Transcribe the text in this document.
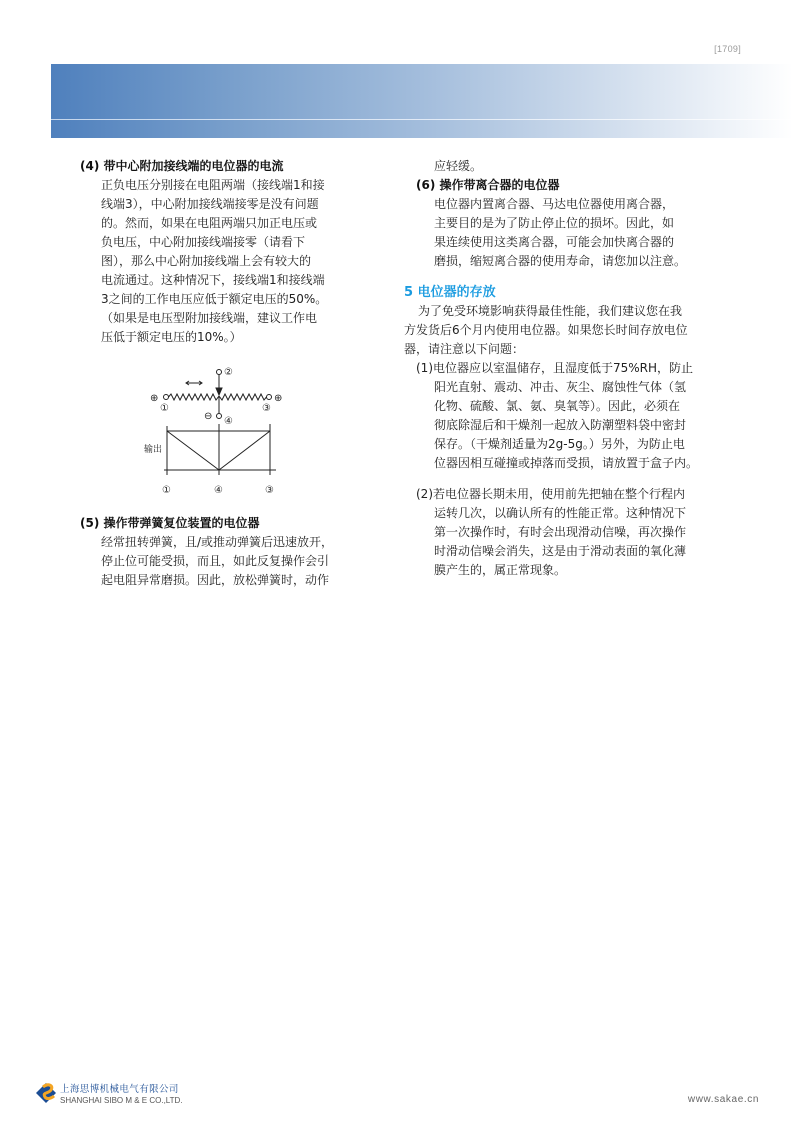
[1709]
(4) 带中心附加接线端的电位器的电流
正负电压分别接在电阻两端（接线端1和接
线端3），中心附加接线端接零是没有问题
的。然而，如果在电阻两端只加正电压或
负电压，中心附加接线端接零（请看下
图），那么中心附加接线端上会有较大的
电流通过。这种情况下，接线端1和接线端
3之间的工作电压应低于额定电压的50%。
（如果是电压型附加接线端，建议工作电
压低于额定电压的10%。）
②
⊕
①
⊕
③
⊖ ④
输出
①	④	③
(5) 操作带弹簧复位装置的电位器
经常扭转弹簧，且/或推动弹簧后迅速放开，
停止位可能受损，而且，如此反复操作会引
起电阻异常磨损。因此，放松弹簧时，动作
应轻缓。
(6) 操作带离合器的电位器
电位器内置离合器、马达电位器使用离合器，
主要目的是为了防止停止位的损坏。因此，如
果连续使用这类离合器，可能会加快离合器的
磨损，缩短离合器的使用寿命，请您加以注意。
5 电位器的存放
为了免受环境影响获得最佳性能，我们建议您在我
方发货后6个月内使用电位器。如果您长时间存放电位
器，请注意以下问题：
(1)电位器应以室温储存，且湿度低于75%RH，防止
阳光直射、震动、冲击、灰尘、腐蚀性气体（氢
化物、硫酸、氯、氨、臭氧等）。因此，必须在
彻底除湿后和干燥剂一起放入防潮塑料袋中密封
保存。（干燥剂适量为2g-5g。）另外，为防止电
位器因相互碰撞或掉落而受损，请放置于盒子内。
(2)若电位器长期未用，使用前先把轴在整个行程内
运转几次，以确认所有的性能正常。这种情况下
第一次操作时，有时会出现滑动信噪，再次操作
时滑动信噪会消失，这是由于滑动表面的氧化薄
膜产生的，属正常现象。
上海思博机械电气有限公司
SHANGHAI SIBO M & E CO.,LTD.	www.sakae.cn
